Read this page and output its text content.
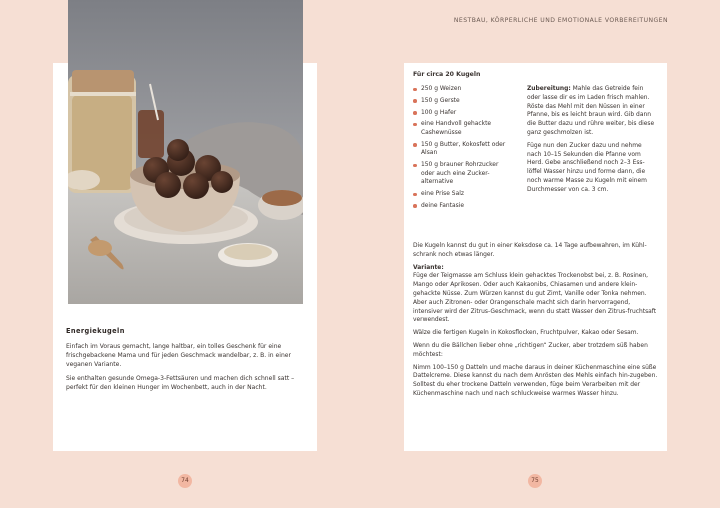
NESTBAU, KÖRPERLICHE UND EMOTIONALE VORBEREITUNGEN
Energiekugeln

Einfach im Voraus gemacht, lange haltbar, ein tolles Geschenk für eine frischgebackene Mama und für jeden Geschmack wandelbar, z. B. in einer veganen Variante.

Sie enthalten gesunde Omega-3-Fettsäuren und machen dich schnell satt – perfekt für den kleinen Hunger im Wochenbett, auch in der Nacht.

Für circa 20 Kugeln
250 g Weizen
150 g Gerste
100 g Hafer
eine Handvoll gehackte Cashewnüsse
150 g Butter, Kokosfett oder Alsan
150 g brauner Rohrzucker oder auch eine Zucker-alternative
eine Prise Salz
deine Fantasie

Zubereitung: Mahle das Getreide fein oder lasse dir es im Laden frisch mahlen. Röste das Mehl mit den Nüssen in einer Pfanne, bis es leicht braun wird. Gib dann die Butter dazu und rühre weiter, bis diese ganz geschmolzen ist.

Füge nun den Zucker dazu und nehme nach 10–15 Sekunden die Pfanne vom Herd. Gebe anschließend noch 2–3 Ess-löffel Wasser hinzu und forme dann, die noch warme Masse zu Kugeln mit einem Durchmesser von ca. 3 cm.

Die Kugeln kannst du gut in einer Keksdose ca. 14 Tage aufbewahren, im Kühl-schrank noch etwas länger.

Variante:

Füge der Teigmasse am Schluss klein gehacktes Trockenobst bei, z. B. Rosinen, Mango oder Aprikosen. Oder auch Kakaonibs, Chiasamen und andere klein-gehackte Nüsse. Zum Würzen kannst du gut Zimt, Vanille oder Tonka nehmen. Aber auch Zitronen- oder Orangenschale macht sich darin hervorragend, intensiver wird der Zitrus-Geschmack, wenn du statt Wasser den Zitrus-fruchtsaft verwendest.

Wälze die fertigen Kugeln in Kokosflocken, Fruchtpulver, Kakao oder Sesam.

Wenn du die Bällchen lieber ohne „richtigen“ Zucker, aber trotzdem süß haben möchtest:

Nimm 100–150 g Datteln und mache daraus in deiner Küchenmaschine eine süße Dattelcreme. Diese kannst du nach dem Anrösten des Mehls einfach hin-zugeben. Solltest du eher trockene Datteln verwenden, füge beim Verarbeiten mit der Küchenmaschine nach und nach schluckweise warmes Wasser hinzu.

74	75
